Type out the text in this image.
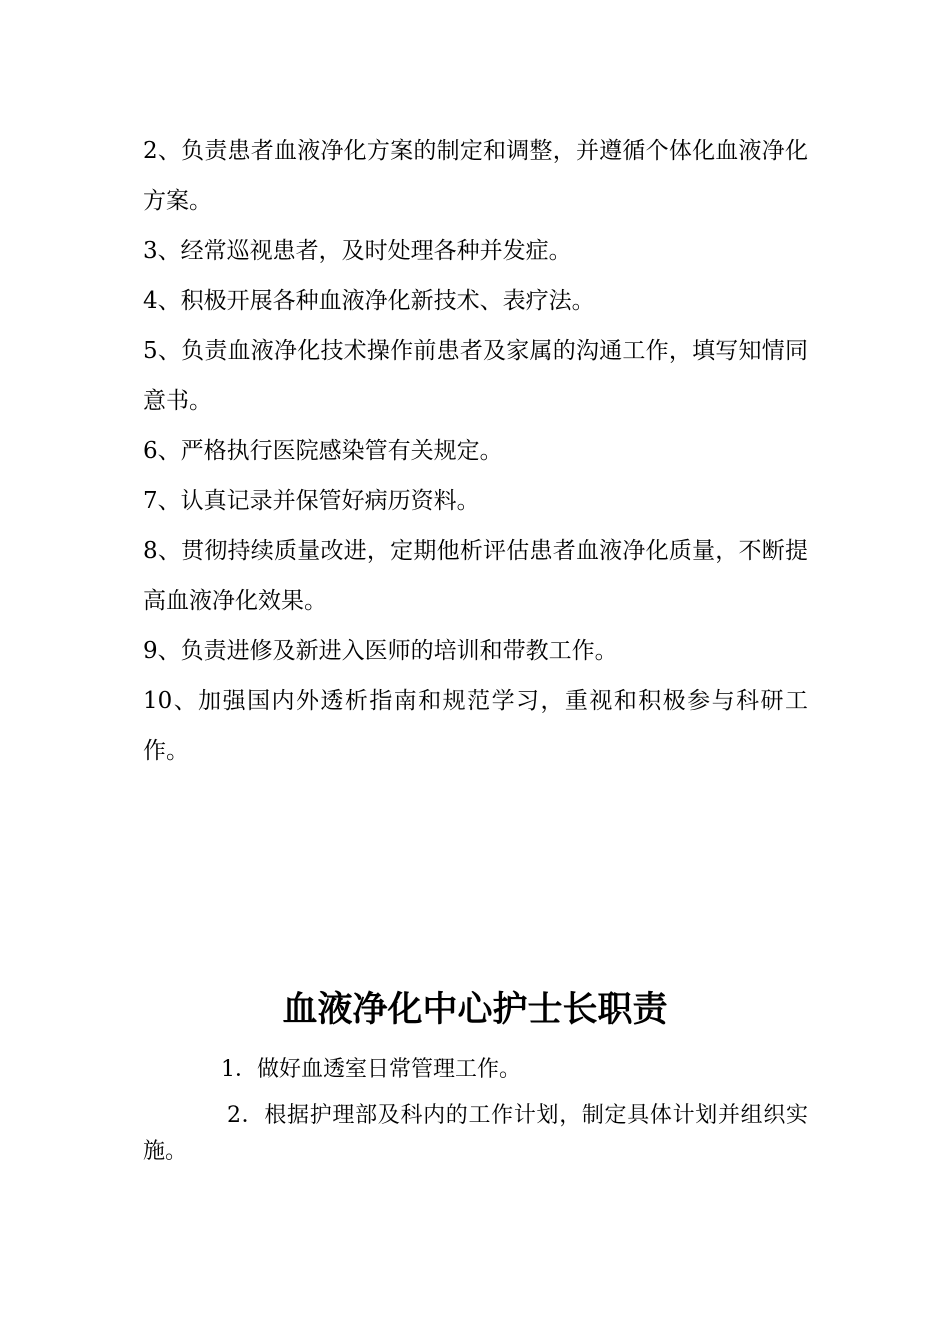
2、负责患者血液净化方案的制定和调整，并遵循个体化血液净化方案。
3、经常巡视患者，及时处理各种并发症。
4、积极开展各种血液净化新技术、表疗法。
5、负责血液净化技术操作前患者及家属的沟通工作，填写知情同意书。
6、严格执行医院感染管有关规定。
7、认真记录并保管好病历资料。
8、贯彻持续质量改进，定期他析评估患者血液净化质量，不断提高血液净化效果。
9、负责进修及新进入医师的培训和带教工作。
10、加强国内外透析指南和规范学习，重视和积极参与科研工作。
血液净化中心护士长职责
1．做好血透室日常管理工作。
2．根据护理部及科内的工作计划，制定具体计划并组织实施。
